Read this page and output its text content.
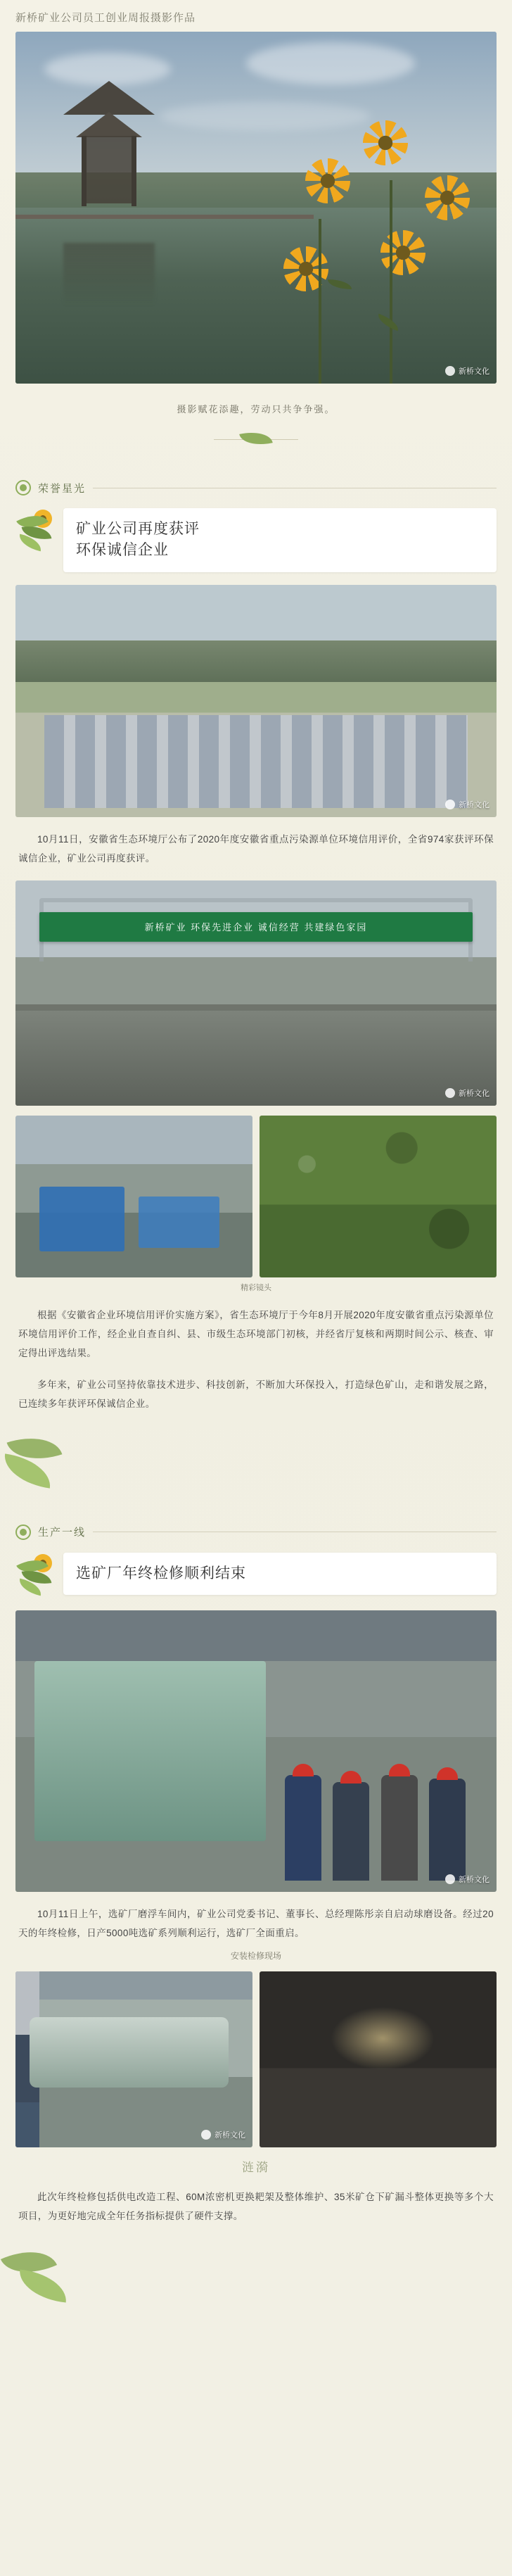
新桥矿业公司员工创业周报摄影作品
新桥文化
摄影赋花添趣，劳动只共争争强。
荣誉星光
矿业公司再度获评
环保诚信企业
新桥文化
10月11日，安徽省生态环境厅公布了2020年度安徽省重点污染源单位环境信用评价，全省974家获评环保诚信企业，矿业公司再度获评。
新桥矿业 环保先进企业 诚信经营 共建绿色家园
新桥文化
精彩镜头
根据《安徽省企业环境信用评价实施方案》，省生态环境厅于今年8月开展2020年度安徽省重点污染源单位环境信用评价工作，经企业自查自纠、县、市级生态环境部门初核，并经省厅复核和两期时间公示、核查、审定得出评选结果。
多年来，矿业公司坚持依靠技术进步、科技创新，不断加大环保投入，打造绿色矿山，走和谐发展之路，已连续多年获评环保诚信企业。
生产一线
选矿厂年终检修顺利结束
新桥文化
10月11日上午，选矿厂磨浮车间内，矿业公司党委书记、董事长、总经理陈彤亲自启动球磨设备。经过20天的年终检修，日产5000吨选矿系列顺利运行，选矿厂全面重启。
安装检修现场
新桥文化
涟漪
此次年终检修包括供电改造工程、60M浓密机更换耙架及整体维护、35米矿仓下矿漏斗整体更换等多个大项目，为更好地完成全年任务指标提供了硬件支撑。
